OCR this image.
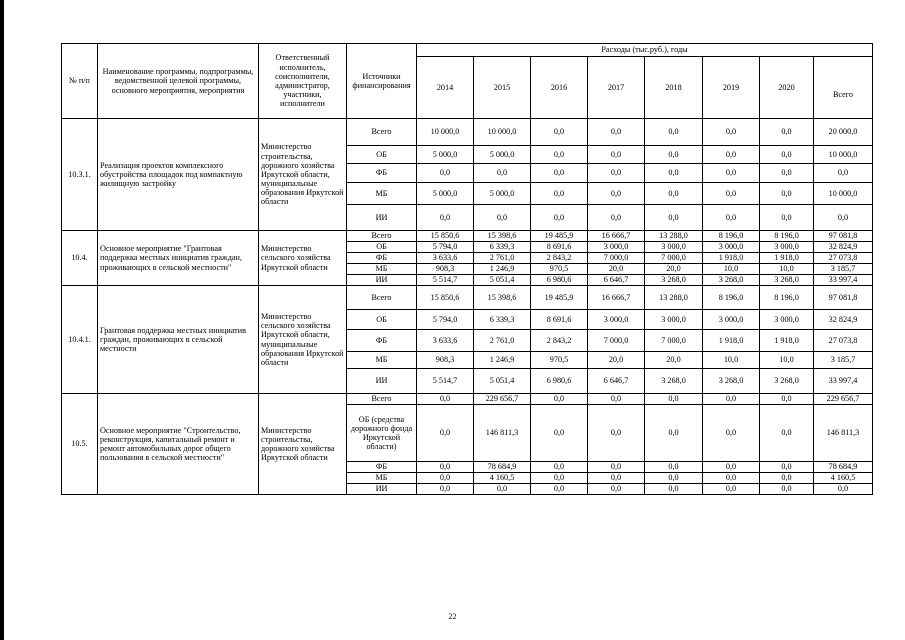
№ п/п	Наименование программы, подпрограммы, ведомственной целевой программы, основного мероприятия, мероприятия	Ответственный исполнитель, соисполнители, администратор, участники, исполнители	Источники финансирования	Расходы (тыс.руб.), годы							
				2014	2015	2016	2017	2018	2019	2020	Всего
10.3.1.	Реализация проектов комплексного обустройства площадок под компактную жилищную застройку	Министерство строительства, дорожного хозяйства Иркутской области, муниципальные образования Иркутской области	Всего	10 000,0	10 000,0	0,0	0,0	0,0	0,0	0,0	20 000,0
			ОБ	5 000,0	5 000,0	0,0	0,0	0,0	0,0	0,0	10 000,0
			ФБ	0,0	0,0	0,0	0,0	0,0	0,0	0,0	0,0
			МБ	5 000,0	5 000,0	0,0	0,0	0,0	0,0	0,0	10 000,0
			ИИ	0,0	0,0	0,0	0,0	0,0	0,0	0,0	0,0
10.4.	Основное мероприятие "Грантовая поддержка местных инициатив граждан, проживающих в сельской местности"	Министерство сельского хозяйства Иркутской области	Всего	15 850,6	15 398,6	19 485,9	16 666,7	13 288,0	8 196,0	8 196,0	97 081,8
			ОБ	5 794,0	6 339,3	8 691,6	3 000,0	3 000,0	3 000,0	3 000,0	32 824,9
			ФБ	3 633,6	2 761,0	2 843,2	7 000,0	7 000,0	1 918,0	1 918,0	27 073,8
			МБ	908,3	1 246,9	970,5	20,0	20,0	10,0	10,0	3 185,7
			ИИ	5 514,7	5 051,4	6 980,6	6 646,7	3 268,0	3 268,0	3 268,0	33 997,4
10.4.1.	Грантовая поддержка местных инициатив граждан, проживающих в сельской местности	Министерство сельского хозяйства Иркутской области, муниципальные образования Иркутской области	Всего	15 850,6	15 398,6	19 485,9	16 666,7	13 288,0	8 196,0	8 196,0	97 081,8
			ОБ	5 794,0	6 339,3	8 691,6	3 000,0	3 000,0	3 000,0	3 000,0	32 824,9
			ФБ	3 633,6	2 761,0	2 843,2	7 000,0	7 000,0	1 918,0	1 918,0	27 073,8
			МБ	908,3	1 246,9	970,5	20,0	20,0	10,0	10,0	3 185,7
			ИИ	5 514,7	5 051,4	6 980,6	6 646,7	3 268,0	3 268,0	3 268,0	33 997,4
10.5.	Основное мероприятие "Строительство, реконструкция, капитальный ремонт и ремонт автомобильных дорог общего пользования в сельской местности"	Министерство строительства, дорожного хозяйства Иркутской области	Всего	0,0	229 656,7	0,0	0,0	0,0	0,0	0,0	229 656,7
			ОБ (средства дорожного фонда Иркутской области)	0,0	146 811,3	0,0	0,0	0,0	0,0	0,0	146 811,3
			ФБ	0,0	78 684,9	0,0	0,0	0,0	0,0	0,0	78 684,9
			МБ	0,0	4 160,5	0,0	0,0	0,0	0,0	0,0	4 160,5
			ИИ	0,0	0,0	0,0	0,0	0,0	0,0	0,0	0,0
22
